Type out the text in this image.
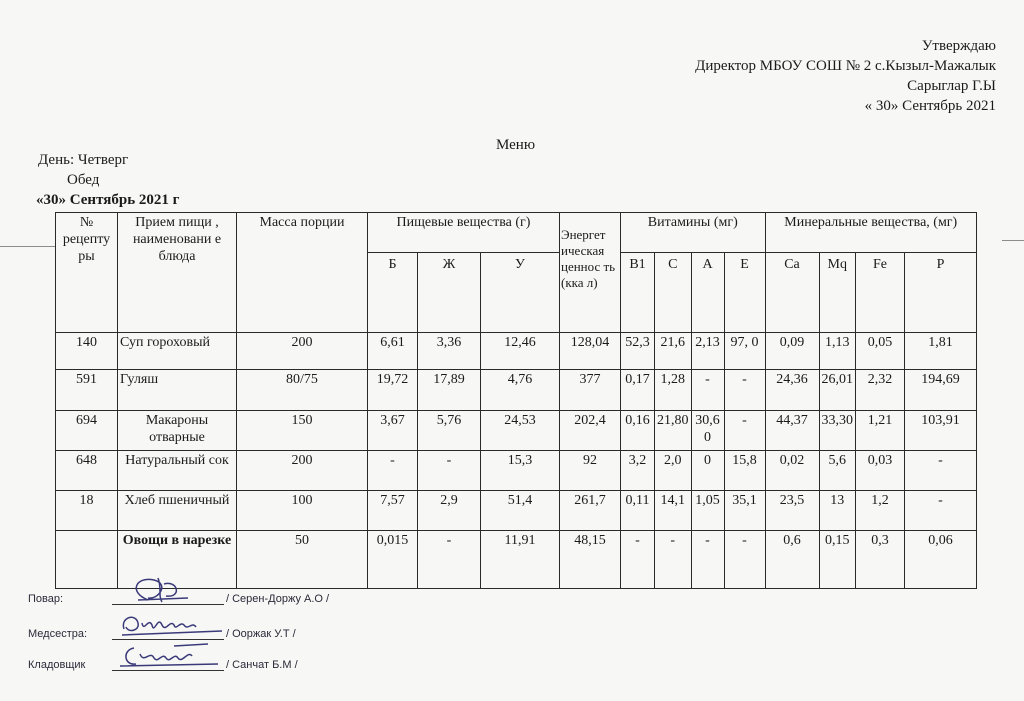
Утверждаю
Директор МБОУ СОШ № 2 с.Кызыл-Мажалык
Сарыглар Г.Ы
« 30» Сентябрь 2021
Меню
День: Четверг
Обед
«30» Сентябрь 2021 г
№ рецепту ры	Прием пищи , наименовани е блюда	Масса порции	Пищевые вещества (г)			Энергет ическая ценнос ть (кка л)	Витамины (мг)				Минеральные вещества, (мг)			
			Б	Ж	У		B1	C	A	E	Ca	Mq	Fe	P
140	Суп гороховый	200	6,61	3,36	12,46	128,04	52,3	21,6	2,13	97, 0	0,09	1,13	0,05	1,81
591	Гуляш	80/75	19,72	17,89	4,76	377	0,17	1,28	-	-	24,36	26,01	2,32	194,69
694	Макароны отварные	150	3,67	5,76	24,53	202,4	0,16	21,80	30,6 0	-	44,37	33,30	1,21	103,91
648	Натуральный сок	200	-	-	15,3	92	3,2	2,0	0	15,8	0,02	5,6	0,03	-
18	Хлеб пшеничный	100	7,57	2,9	51,4	261,7	0,11	14,1	1,05	35,1	23,5	13	1,2	-
	Овощи в нарезке	50	0,015	-	11,91	48,15	-	-	-	-	0,6	0,15	0,3	0,06
Повар:	/ Серен-Доржу А.О /
Медсестра:	/ Ооржак У.Т /
Кладовщик	/ Санчат Б.М /
